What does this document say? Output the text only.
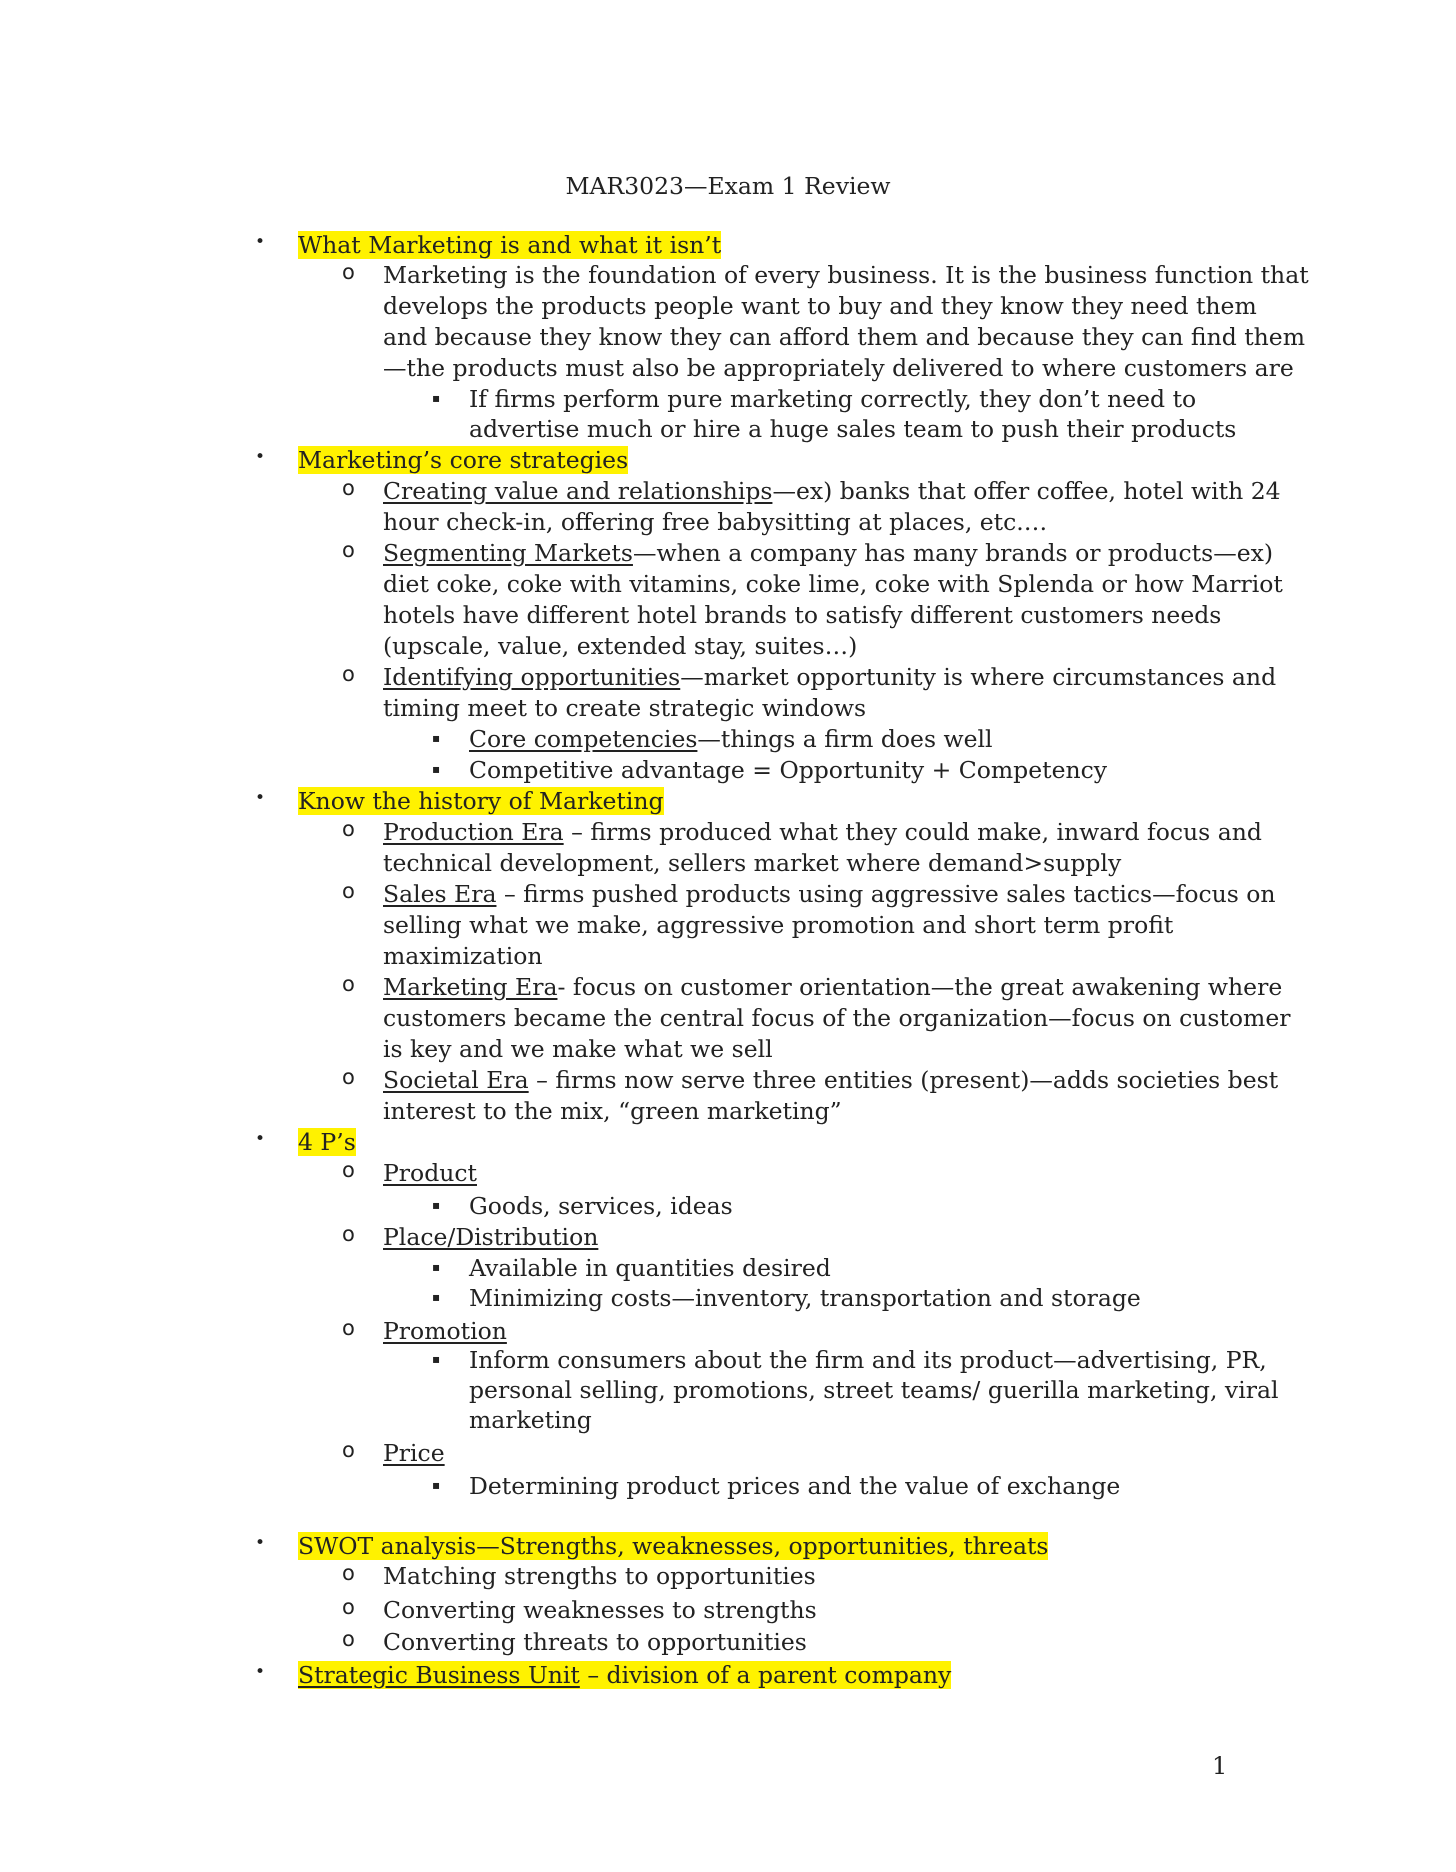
MAR3023—Exam 1 Review
• What Marketing is and what it isn’t
o Marketing is the foundation of every business. It is the business function that
develops the products people want to buy and they know they need them
and because they know they can afford them and because they can find them
—the products must also be appropriately delivered to where customers are
▪ If firms perform pure marketing correctly, they don’t need to
advertise much or hire a huge sales team to push their products
• Marketing’s core strategies
o Creating value and relationships—ex) banks that offer coffee, hotel with 24
hour check-in, offering free babysitting at places, etc.…
o Segmenting Markets—when a company has many brands or products—ex)
diet coke, coke with vitamins, coke lime, coke with Splenda or how Marriot
hotels have different hotel brands to satisfy different customers needs
(upscale, value, extended stay, suites…)
o Identifying opportunities—market opportunity is where circumstances and
timing meet to create strategic windows
▪ Core competencies—things a firm does well
▪ Competitive advantage = Opportunity + Competency
• Know the history of Marketing
o Production Era – firms produced what they could make, inward focus and
technical development, sellers market where demand>supply
o Sales Era – firms pushed products using aggressive sales tactics—focus on
selling what we make, aggressive promotion and short term profit
maximization
o Marketing Era- focus on customer orientation—the great awakening where
customers became the central focus of the organization—focus on customer
is key and we make what we sell
o Societal Era – firms now serve three entities (present)—adds societies best
interest to the mix, “green marketing”
• 4 P’s
o Product
▪ Goods, services, ideas
o Place/Distribution
▪ Available in quantities desired
▪ Minimizing costs—inventory, transportation and storage
o Promotion
▪ Inform consumers about the firm and its product—advertising, PR,
personal selling, promotions, street teams/ guerilla marketing, viral
marketing
o Price
▪ Determining product prices and the value of exchange
• SWOT analysis—Strengths, weaknesses, opportunities, threats
o Matching strengths to opportunities
o Converting weaknesses to strengths
o Converting threats to opportunities
• Strategic Business Unit – division of a parent company
1
